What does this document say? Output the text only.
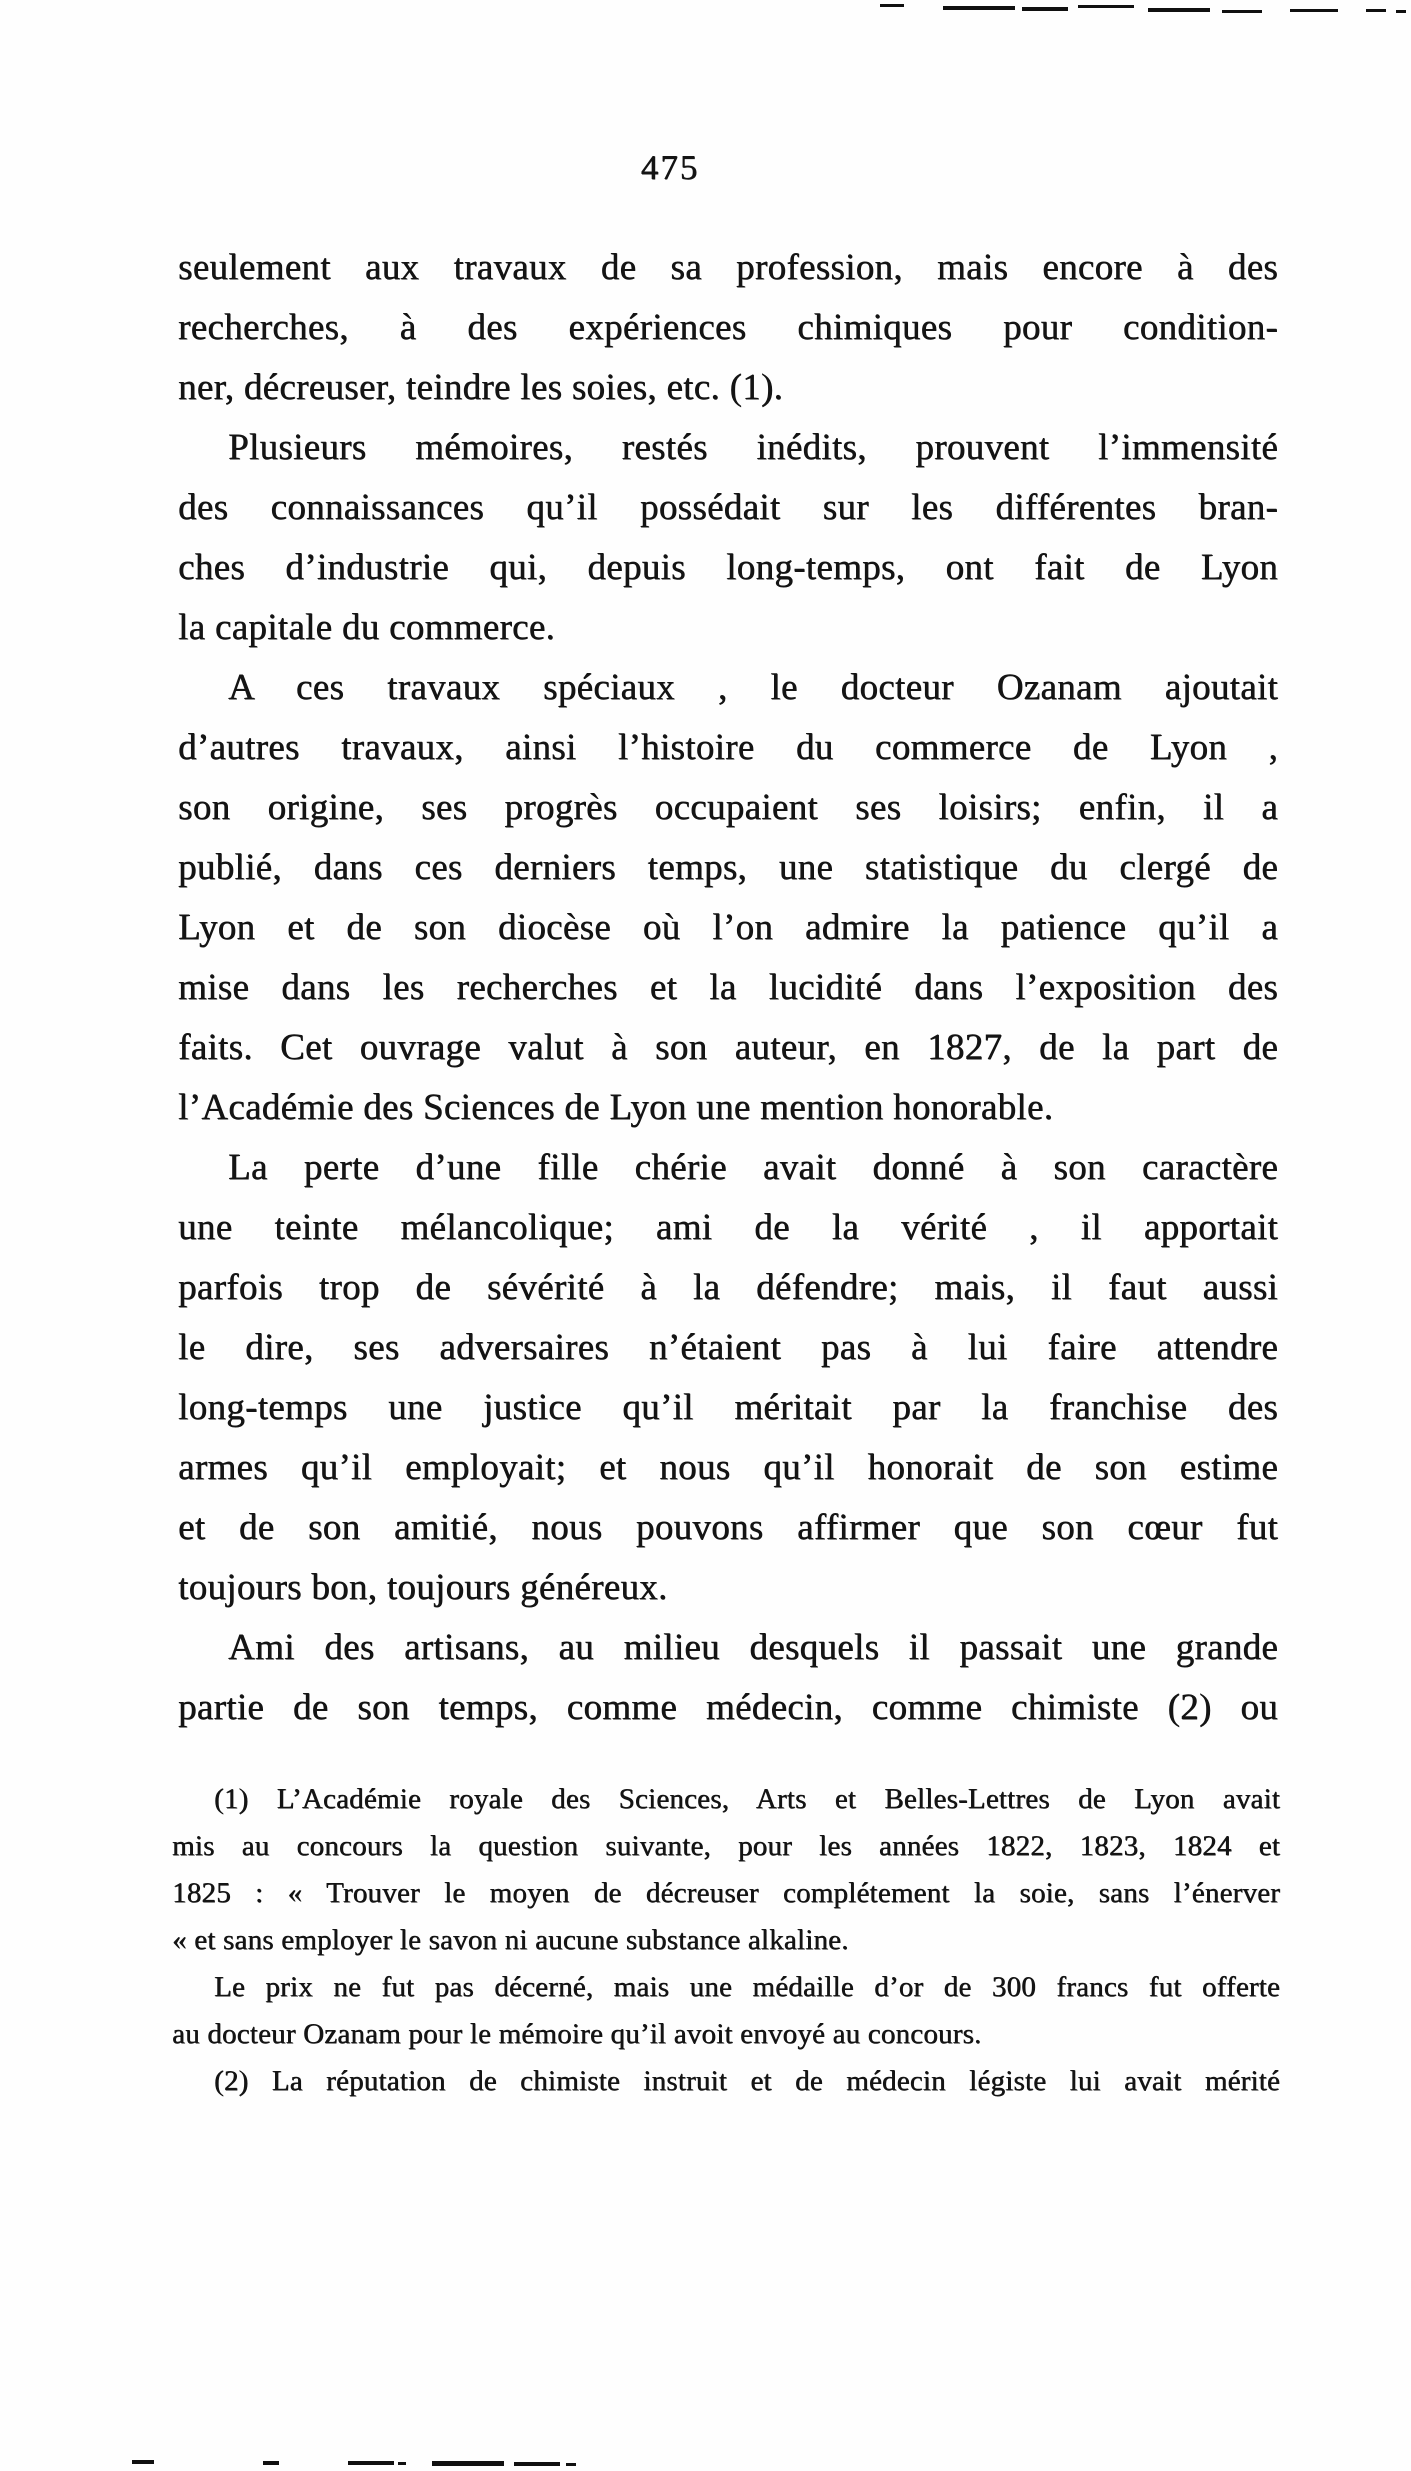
475
seulement aux travaux de sa profession, mais encore à des
recherches, à des expériences chimiques pour condition-
ner, décreuser, teindre les soies, etc. (1).
Plusieurs mémoires, restés inédits, prouvent l’immensité
des connaissances qu’il possédait sur les différentes bran-
ches d’industrie qui, depuis long-temps, ont fait de Lyon
la capitale du commerce.
A ces travaux spéciaux , le docteur Ozanam ajoutait
d’autres travaux, ainsi l’histoire du commerce de Lyon ,
son origine, ses progrès occupaient ses loisirs; enfin, il a
publié, dans ces derniers temps, une statistique du clergé de
Lyon et de son diocèse où l’on admire la patience qu’il a
mise dans les recherches et la lucidité dans l’exposition des
faits. Cet ouvrage valut à son auteur, en 1827, de la part de
l’Académie des Sciences de Lyon une mention honorable.
La perte d’une fille chérie avait donné à son caractère
une teinte mélancolique; ami de la vérité , il apportait
parfois trop de sévérité à la défendre; mais, il faut aussi
le dire, ses adversaires n’étaient pas à lui faire attendre
long-temps une justice qu’il méritait par la franchise des
armes qu’il employait; et nous qu’il honorait de son estime
et de son amitié, nous pouvons affirmer que son cœur fut
toujours bon, toujours généreux.
Ami des artisans, au milieu desquels il passait une grande
partie de son temps, comme médecin, comme chimiste (2) ou
(1) L’Académie royale des Sciences, Arts et Belles-Lettres de Lyon avait
mis au concours la question suivante, pour les années 1822, 1823, 1824 et
1825 : « Trouver le moyen de décreuser complétement la soie, sans l’énerver
« et sans employer le savon ni aucune substance alkaline.
Le prix ne fut pas décerné, mais une médaille d’or de 300 francs fut offerte
au docteur Ozanam pour le mémoire qu’il avoit envoyé au concours.
(2) La réputation de chimiste instruit et de médecin légiste lui avait mérité
